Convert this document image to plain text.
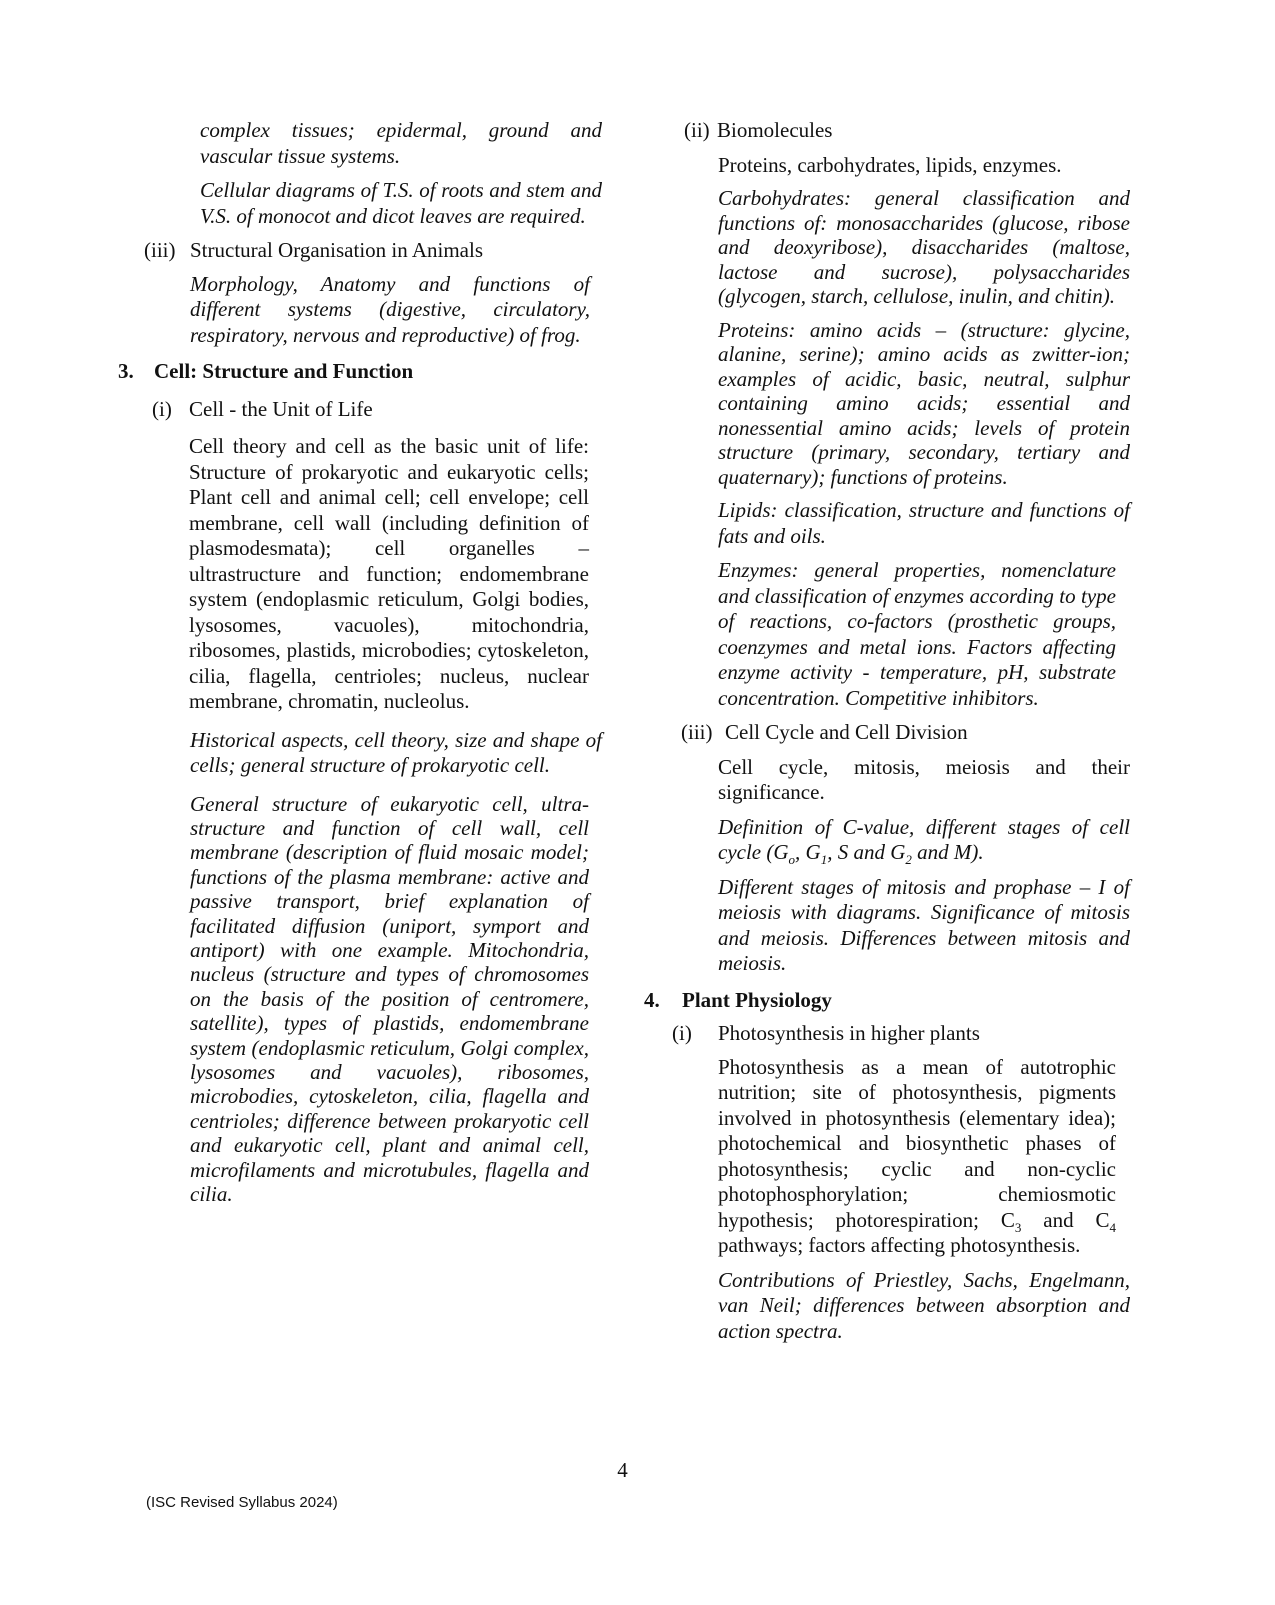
complex tissues; epidermal, ground and vascular tissue systems.

Cellular diagrams of T.S. of roots and stem and V.S. of monocot and dicot leaves are required.

(iii) Structural Organisation in Animals

Morphology, Anatomy and functions of different systems (digestive, circulatory, respiratory, nervous and reproductive) of frog.

3. Cell: Structure and Function
(i) Cell - the Unit of Life

Cell theory and cell as the basic unit of life: Structure of prokaryotic and eukaryotic cells; Plant cell and animal cell; cell envelope; cell membrane, cell wall (including definition of plasmodesmata); cell organelles – ultrastructure and function; endomembrane system (endoplasmic reticulum, Golgi bodies, lysosomes, vacuoles), mitochondria, ribosomes, plastids, microbodies; cytoskeleton, cilia, flagella, centrioles; nucleus, nuclear membrane, chromatin, nucleolus.

Historical aspects, cell theory, size and shape of cells; general structure of prokaryotic cell.

General structure of eukaryotic cell, ultra-structure and function of cell wall, cell membrane (description of fluid mosaic model; functions of the plasma membrane: active and passive transport, brief explanation of facilitated diffusion (uniport, symport and antiport) with one example. Mitochondria, nucleus (structure and types of chromosomes on the basis of the position of centromere, satellite), types of plastids, endomembrane system (endoplasmic reticulum, Golgi complex, lysosomes and vacuoles), ribosomes, microbodies, cytoskeleton, cilia, flagella and centrioles; difference between prokaryotic cell and eukaryotic cell, plant and animal cell, microfilaments and microtubules, flagella and cilia.

(ii) Biomolecules

Proteins, carbohydrates, lipids, enzymes.

Carbohydrates: general classification and functions of: monosaccharides (glucose, ribose and deoxyribose), disaccharides (maltose, lactose and sucrose), polysaccharides (glycogen, starch, cellulose, inulin, and chitin).

Proteins: amino acids – (structure: glycine, alanine, serine); amino acids as zwitter-ion; examples of acidic, basic, neutral, sulphur containing amino acids; essential and nonessential amino acids; levels of protein structure (primary, secondary, tertiary and quaternary); functions of proteins.

Lipids: classification, structure and functions of fats and oils.

Enzymes: general properties, nomenclature and classification of enzymes according to type of reactions, co-factors (prosthetic groups, coenzymes and metal ions. Factors affecting enzyme activity - temperature, pH, substrate concentration. Competitive inhibitors.

(iii) Cell Cycle and Cell Division

Cell cycle, mitosis, meiosis and their significance.

Definition of C-value, different stages of cell cycle ($G_o$, $G_1$, S and $G_2$ and M).

Different stages of mitosis and prophase – I of meiosis with diagrams. Significance of mitosis and meiosis. Differences between mitosis and meiosis.

4.	Plant Physiology
(i)	Photosynthesis in higher plants

Photosynthesis as a mean of autotrophic nutrition; site of photosynthesis, pigments involved in photosynthesis (elementary idea); photochemical and biosynthetic phases of photosynthesis; cyclic and non-cyclic photophosphorylation; chemiosmotic hypothesis; photorespiration; $C_3$ and $C_4$ pathways; factors affecting photosynthesis.

Contributions of Priestley, Sachs, Engelmann, van Neil; differences between absorption and action spectra.

4
(ISC Revised Syllabus 2024)
